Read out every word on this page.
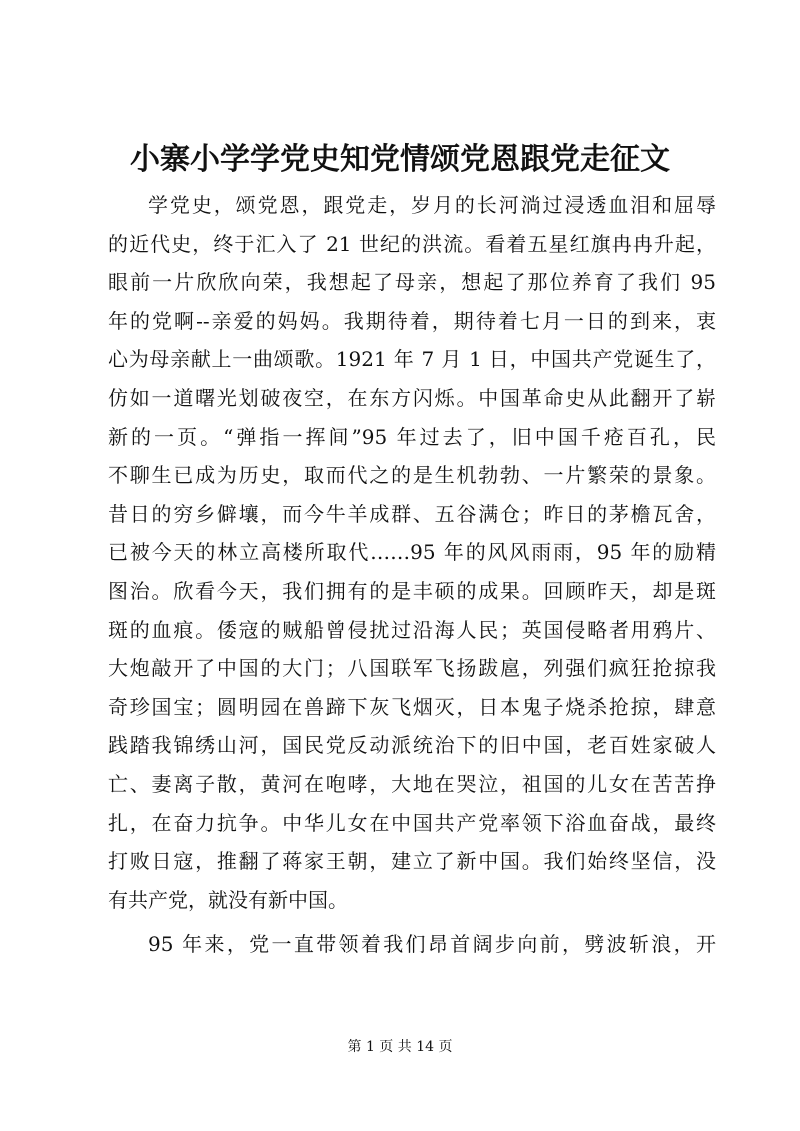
小寨小学学党史知党情颂党恩跟党走征文
学党史，颂党恩，跟党走，岁月的长河淌过浸透血泪和屈辱
的近代史，终于汇入了 21 世纪的洪流。看着五星红旗冉冉升起，
眼前一片欣欣向荣，我想起了母亲，想起了那位养育了我们 95
年的党啊--亲爱的妈妈。我期待着，期待着七月一日的到来，衷
心为母亲献上一曲颂歌。1921 年 7 月 1 日，中国共产党诞生了，
仿如一道曙光划破夜空，在东方闪烁。中国革命史从此翻开了崭
新的一页。“弹指一挥间”95 年过去了，旧中国千疮百孔，民
不聊生已成为历史，取而代之的是生机勃勃、一片繁荣的景象。
昔日的穷乡僻壤，而今牛羊成群、五谷满仓；昨日的茅檐瓦舍，
已被今天的林立高楼所取代……95 年的风风雨雨，95 年的励精
图治。欣看今天，我们拥有的是丰硕的成果。回顾昨天，却是斑
斑的血痕。倭寇的贼船曾侵扰过沿海人民；英国侵略者用鸦片、
大炮敲开了中国的大门；八国联军飞扬跋扈，列强们疯狂抢掠我
奇珍国宝；圆明园在兽蹄下灰飞烟灭，日本鬼子烧杀抢掠，肆意
践踏我锦绣山河，国民党反动派统治下的旧中国，老百姓家破人
亡、妻离子散，黄河在咆哮，大地在哭泣，祖国的儿女在苦苦挣
扎，在奋力抗争。中华儿女在中国共产党率领下浴血奋战，最终
打败日寇，推翻了蒋家王朝，建立了新中国。我们始终坚信，没
有共产党，就没有新中国。
95 年来，党一直带领着我们昂首阔步向前，劈波斩浪，开
第 1 页 共 14 页
